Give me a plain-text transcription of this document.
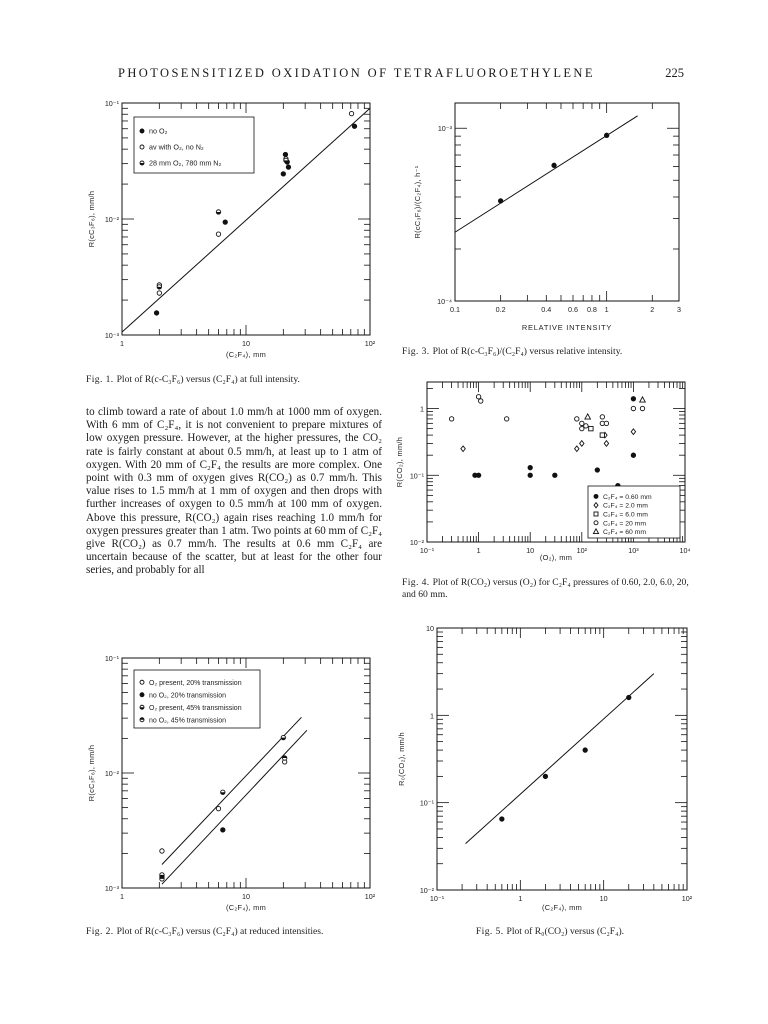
PHOTOSENSITIZED OXIDATION OF TETRAFLUOROETHYLENE	225
1	10	10²
10⁻³
10⁻²
10⁻¹
(C₂F₄), mm
R(cC₃F₆), mm/h
no O₂
av with O₂, no N₂
28 mm O₂, 780 mm N₂
Fig. 1. Plot of R(c-C₃F₆) versus (C₂F₄) at full intensity.
0.1	0.2	0.4 0.6 0.8 1	2	3
10⁻⁴
10⁻³
RELATIVE INTENSITY
R(cC₃F₆)/(C₂F₄), h⁻¹
Fig. 3. Plot of R(c-C₃F₆)/(C₂F₄) versus relative intensity.

to climb toward a rate of about 1.0 mm/h at 1000 mm of oxygen. With 6 mm of C₂F₄, it is not convenient to prepare mixtures of low oxygen pressure. However, at the higher pressures, the CO₂ rate is fairly constant at about 0.5 mm/h, at least up to 1 atm of oxygen. With 20 mm of C₂F₄ the results are more complex. One point with 0.3 mm of oxygen gives R(CO₂) as 0.7 mm/h. This value rises to 1.5 mm/h at 1 mm of oxygen and then drops with further increases of oxygen to 0.5 mm/h at 100 mm of oxygen. Above this pressure, R(CO₂) again rises reaching 1.0 mm/h for oxygen pressures greater than 1 atm. Two points at 60 mm of C₂F₄ give R(CO₂) as 0.7 mm/h. The results at 0.6 mm C₂F₄ are uncertain because of the scatter, but at least for the other four series, and probably for all

10⁻¹	1	10	10²	10³	10⁴
10⁻²
10⁻¹
1
(O₂), mm
R(CO₂), mm/h
C₂F₄ = 0.60 mm
C₂F₄ = 2.0 mm
C₂F₄ = 6.0 mm
C₂F₄ = 20 mm
C₂F₄ = 60 mm
Fig. 4. Plot of R(CO₂) versus (O₂) for C₂F₄ pressures of 0.60, 2.0, 6.0, 20, and 60 mm.
1	10	10²
10⁻³
10⁻²
10⁻¹
(C₂F₄), mm
R(cC₃F₆), mm/h
O₂ present, 20% transmission
no O₂, 20% transmission
O₂ present, 45% transmission
no O₂, 45% transmission
Fig. 2. Plot of R(c-C₃F₆) versus (C₂F₄) at reduced intensities.
10⁻¹	1	10	10²
10⁻²
10⁻¹
1
10
(C₂F₄), mm
R₀(CO₂), mm/h
Fig. 5. Plot of R₀(CO₂) versus (C₂F₄).
